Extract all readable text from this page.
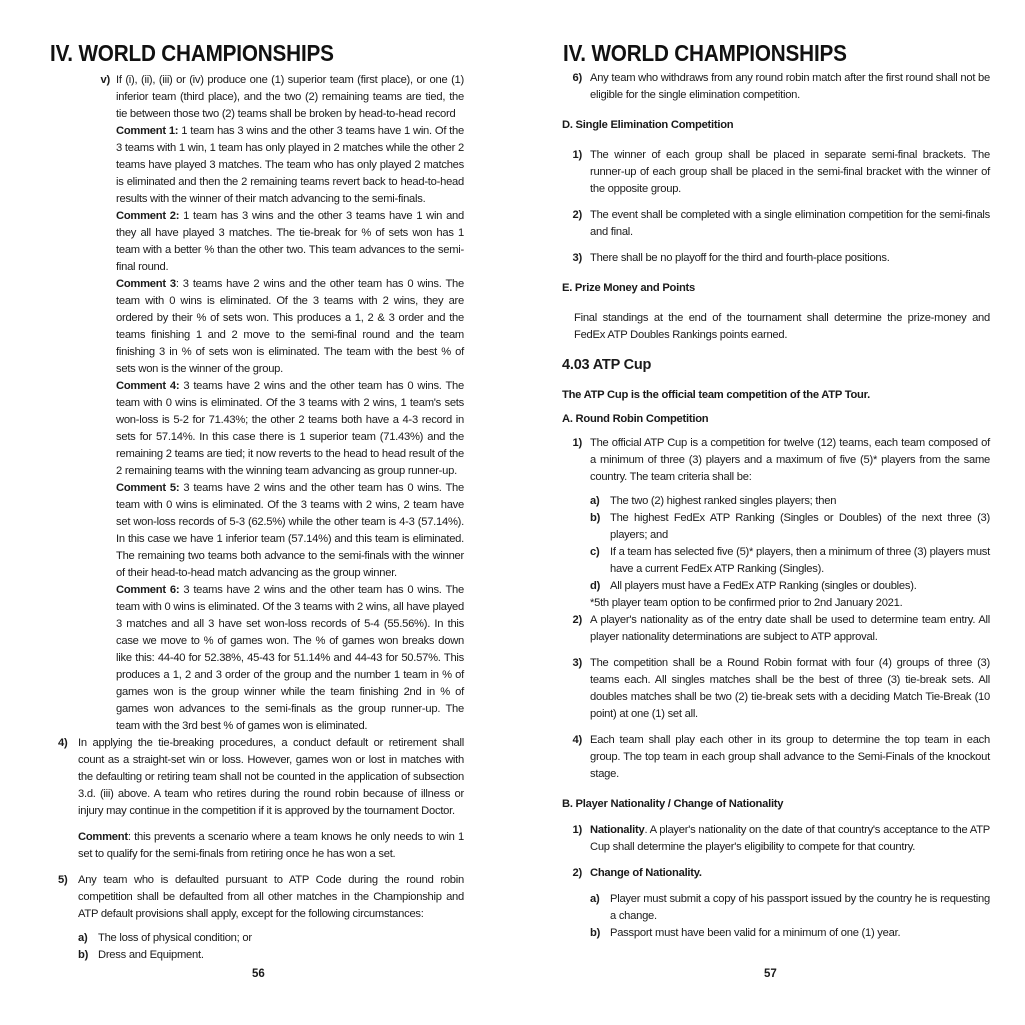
IV. WORLD CHAMPIONSHIPS
v) If (i), (ii), (iii) or (iv) produce one (1) superior team (first place), or one (1) inferior team (third place), and the two (2) remaining teams are tied, the tie between those two (2) teams shall be broken by head-to-head record
Comment 1: 1 team has 3 wins and the other 3 teams have 1 win. Of the 3 teams with 1 win, 1 team has only played in 2 matches while the other 2 teams have played 3 matches. The team who has only played 2 matches is eliminated and then the 2 remaining teams revert back to head-to-head results with the winner of their match advancing to the semi-finals.
Comment 2: 1 team has 3 wins and the other 3 teams have 1 win and they all have played 3 matches. The tie-break for % of sets won has 1 team with a better % than the other two. This team advances to the semi-final round.
Comment 3: 3 teams have 2 wins and the other team has 0 wins. The team with 0 wins is eliminated. Of the 3 teams with 2 wins, they are ordered by their % of sets won. This produces a 1, 2 & 3 order and the teams finishing 1 and 2 move to the semi-final round and the team finishing 3 in % of sets won is eliminated. The team with the best % of sets won is the winner of the group.
Comment 4: 3 teams have 2 wins and the other team has 0 wins. The team with 0 wins is eliminated. Of the 3 teams with 2 wins, 1 team's sets won-loss is 5-2 for 71.43%; the other 2 teams both have a 4-3 record in sets for 57.14%. In this case there is 1 superior team (71.43%) and the remaining 2 teams are tied; it now reverts to the head to head result of the 2 remaining teams with the winning team advancing as group runner-up.
Comment 5: 3 teams have 2 wins and the other team has 0 wins. The team with 0 wins is eliminated. Of the 3 teams with 2 wins, 2 team have set won-loss records of 5-3 (62.5%) while the other team is 4-3 (57.14%). In this case we have 1 inferior team (57.14%) and this team is eliminated. The remaining two teams both advance to the semi-finals with the winner of their head-to-head match advancing as the group winner.
Comment 6: 3 teams have 2 wins and the other team has 0 wins. The team with 0 wins is eliminated. Of the 3 teams with 2 wins, all have played 3 matches and all 3 have set won-loss records of 5-4 (55.56%). In this case we move to % of games won. The % of games won breaks down like this: 44-40 for 52.38%, 45-43 for 51.14% and 44-43 for 50.57%. This produces a 1, 2 and 3 order of the group and the number 1 team in % of games won is the group winner while the team finishing 2nd in % of games won advances to the semi-finals as the group runner-up. The team with the 3rd best % of games won is eliminated.
4) In applying the tie-breaking procedures, a conduct default or retirement shall count as a straight-set win or loss. However, games won or lost in matches with the defaulting or retiring team shall not be counted in the application of subsection 3.d. (iii) above. A team who retires during the round robin because of illness or injury may continue in the competition if it is approved by the tournament Doctor.
Comment: this prevents a scenario where a team knows he only needs to win 1 set to qualify for the semi-finals from retiring once he has won a set.
5) Any team who is defaulted pursuant to ATP Code during the round robin competition shall be defaulted from all other matches in the Championship and ATP default provisions shall apply, except for the following circumstances:
a) The loss of physical condition; or
b) Dress and Equipment.
56
IV. WORLD CHAMPIONSHIPS
6) Any team who withdraws from any round robin match after the first round shall not be eligible for the single elimination competition.
D. Single Elimination Competition
1) The winner of each group shall be placed in separate semi-final brackets. The runner-up of each group shall be placed in the semi-final bracket with the winner of the opposite group.
2) The event shall be completed with a single elimination competition for the semi-finals and final.
3) There shall be no playoff for the third and fourth-place positions.
E. Prize Money and Points
Final standings at the end of the tournament shall determine the prize-money and FedEx ATP Doubles Rankings points earned.
4.03 ATP Cup
The ATP Cup is the official team competition of the ATP Tour.
A. Round Robin Competition
1) The official ATP Cup is a competition for twelve (12) teams, each team composed of a minimum of three (3) players and a maximum of five (5)* players from the same country. The team criteria shall be:
a) The two (2) highest ranked singles players; then
b) The highest FedEx ATP Ranking (Singles or Doubles) of the next three (3) players; and
c) If a team has selected five (5)* players, then a minimum of three (3) players must have a current FedEx ATP Ranking (Singles).
d) All players must have a FedEx ATP Ranking (singles or doubles).
*5th player team option to be confirmed prior to 2nd January 2021.
2) A player's nationality as of the entry date shall be used to determine team entry. All player nationality determinations are subject to ATP approval.
3) The competition shall be a Round Robin format with four (4) groups of three (3) teams each. All singles matches shall be the best of three (3) tie-break sets. All doubles matches shall be two (2) tie-break sets with a deciding Match Tie-Break (10 point) at one (1) set all.
4) Each team shall play each other in its group to determine the top team in each group. The top team in each group shall advance to the Semi-Finals of the knockout stage.
B. Player Nationality / Change of Nationality
1) Nationality. A player's nationality on the date of that country's acceptance to the ATP Cup shall determine the player's eligibility to compete for that country.
2) Change of Nationality.
a) Player must submit a copy of his passport issued by the country he is requesting a change.
b) Passport must have been valid for a minimum of one (1) year.
57
